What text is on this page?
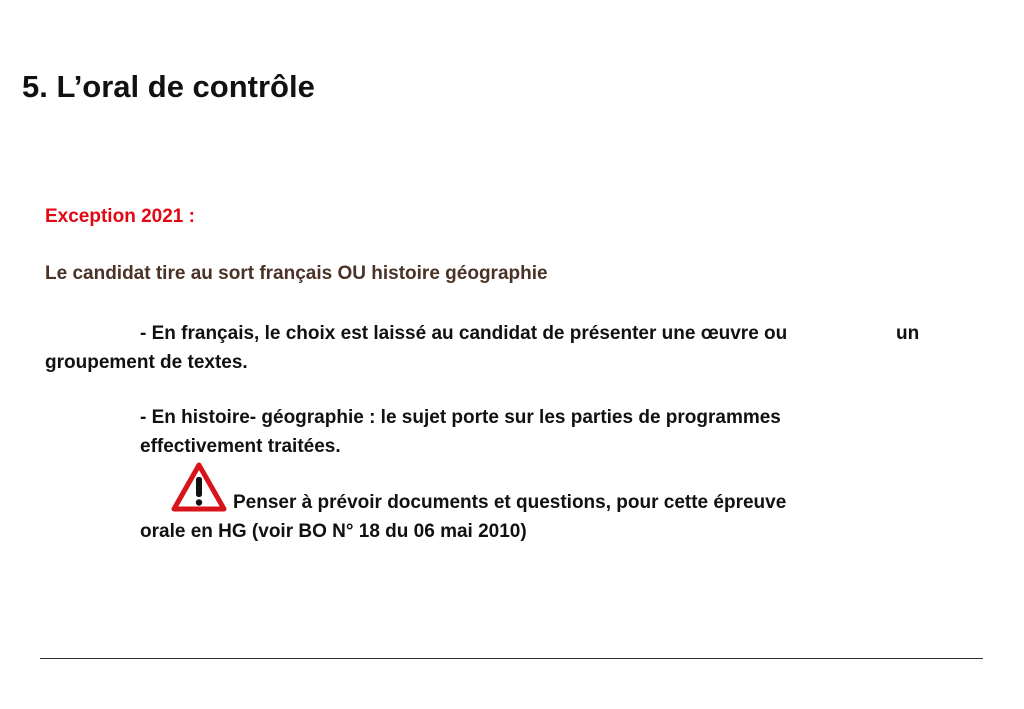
5. L’oral de contrôle
Exception 2021 :
Le candidat tire au sort français OU histoire géographie
- En français, le choix est laissé au candidat de présenter une œuvre ou	un
groupement de textes.
- En histoire- géographie : le sujet porte sur les parties de programmes effectivement traitées.
Penser à prévoir documents et questions, pour cette épreuve
orale en HG (voir BO N° 18 du 06 mai 2010)
